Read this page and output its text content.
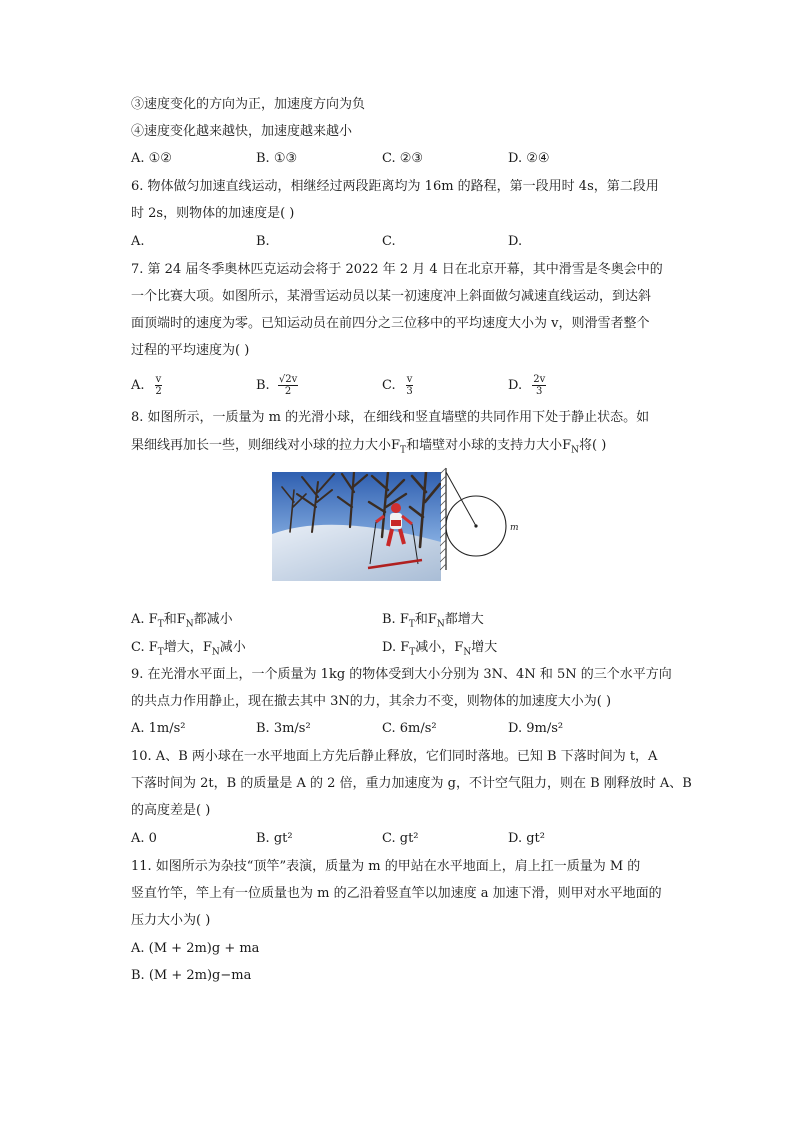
③速度变化的方向为正，加速度方向为负
④速度变化越来越快，加速度越来越小
A. ①②	B. ①③	C. ②③	D. ②④
6. 物体做匀加速直线运动，相继经过两段距离均为 16m 的路程，第一段用时 4s，第二段用
时 2s，则物体的加速度是( )
A.	B.	C.	D.
7. 第 24 届冬季奥林匹克运动会将于 2022 年 2 月 4 日在北京开幕，其中滑雪是冬奥会中的
一个比赛大项。如图所示，某滑雪运动员以某一初速度冲上斜面做匀减速直线运动，到达斜
面顶端时的速度为零。已知运动员在前四分之三位移中的平均速度大小为 v，则滑雪者整个
过程的平均速度为( )
A. $\frac{v}{2}$	B. $\frac{√2v}{2}$	C. $\frac{v}{3}$	D. $\frac{2v}{3}$
8. 如图所示，一质量为 m 的光滑小球，在细线和竖直墙壁的共同作用下处于静止状态。如
果细线再加长一些，则细线对小球的拉力大小$F_T$和墙壁对小球的支持力大小$F_N$将( )
m
A. $F_T$和$F_N$都减小	B. $F_T$和$F_N$都增大
C. $F_T$增大，$F_N$减小	D. $F_T$减小，$F_N$增大
9. 在光滑水平面上，一个质量为 1kg 的物体受到大小分别为 3N、4N 和 5N 的三个水平方向
的共点力作用静止，现在撤去其中 3N的力，其余力不变，则物体的加速度大小为( )
A. 1m/s²	B. 3m/s²	C. 6m/s²	D. 9m/s²
10. A、B 两小球在一水平地面上方先后静止释放，它们同时落地。已知 B 下落时间为 t，A
下落时间为 2t，B 的质量是 A 的 2 倍，重力加速度为 g，不计空气阻力，则在 B 刚释放时 A、B
的高度差是( )
A. 0	B. gt²	C. gt²	D. gt²
11. 如图所示为杂技“顶竿”表演，质量为 m 的甲站在水平地面上，肩上扛一质量为 M 的
竖直竹竿，竿上有一位质量也为 m 的乙沿着竖直竿以加速度 a 加速下滑，则甲对水平地面的
压力大小为( )
A. (M + 2m)g + ma
B. (M + 2m)g−ma
